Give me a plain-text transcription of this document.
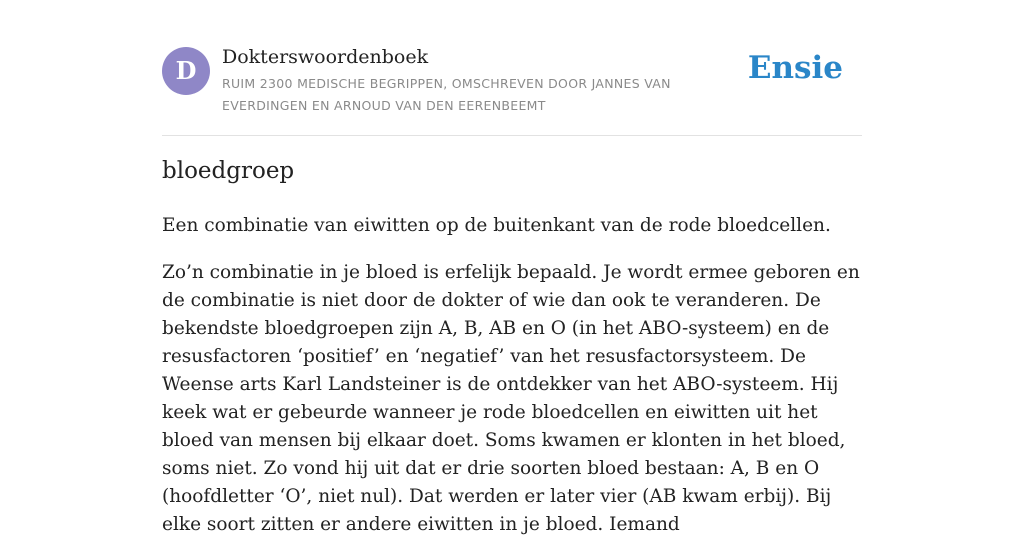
D	Dokterswoordenboek
RUIM 2300 MEDISCHE BEGRIPPEN, OMSCHREVEN DOOR JANNES VAN EVERDINGEN EN ARNOUD VAN DEN EERENBEEMT
Ensie
bloedgroep

Een combinatie van eiwitten op de buitenkant van de rode bloedcellen.

Zo’n combinatie in je bloed is erfelijk bepaald. Je wordt ermee geboren en de combinatie is niet door de dokter of wie dan ook te veranderen. De bekendste bloedgroepen zijn A, B, AB en O (in het ABO-systeem) en de resusfactoren ‘positief’ en ‘negatief’ van het resusfactorsysteem. De Weense arts Karl Landsteiner is de ontdekker van het ABO-systeem. Hij keek wat er gebeurde wanneer je rode bloedcellen en eiwitten uit het bloed van mensen bij elkaar doet. Soms kwamen er klonten in het bloed, soms niet. Zo vond hij uit dat er drie soorten bloed bestaan: A, B en O (hoofdletter ‘O’, niet nul). Dat werden er later vier (AB kwam erbij). Bij elke soort zitten er andere eiwitten in je bloed. Iemand
